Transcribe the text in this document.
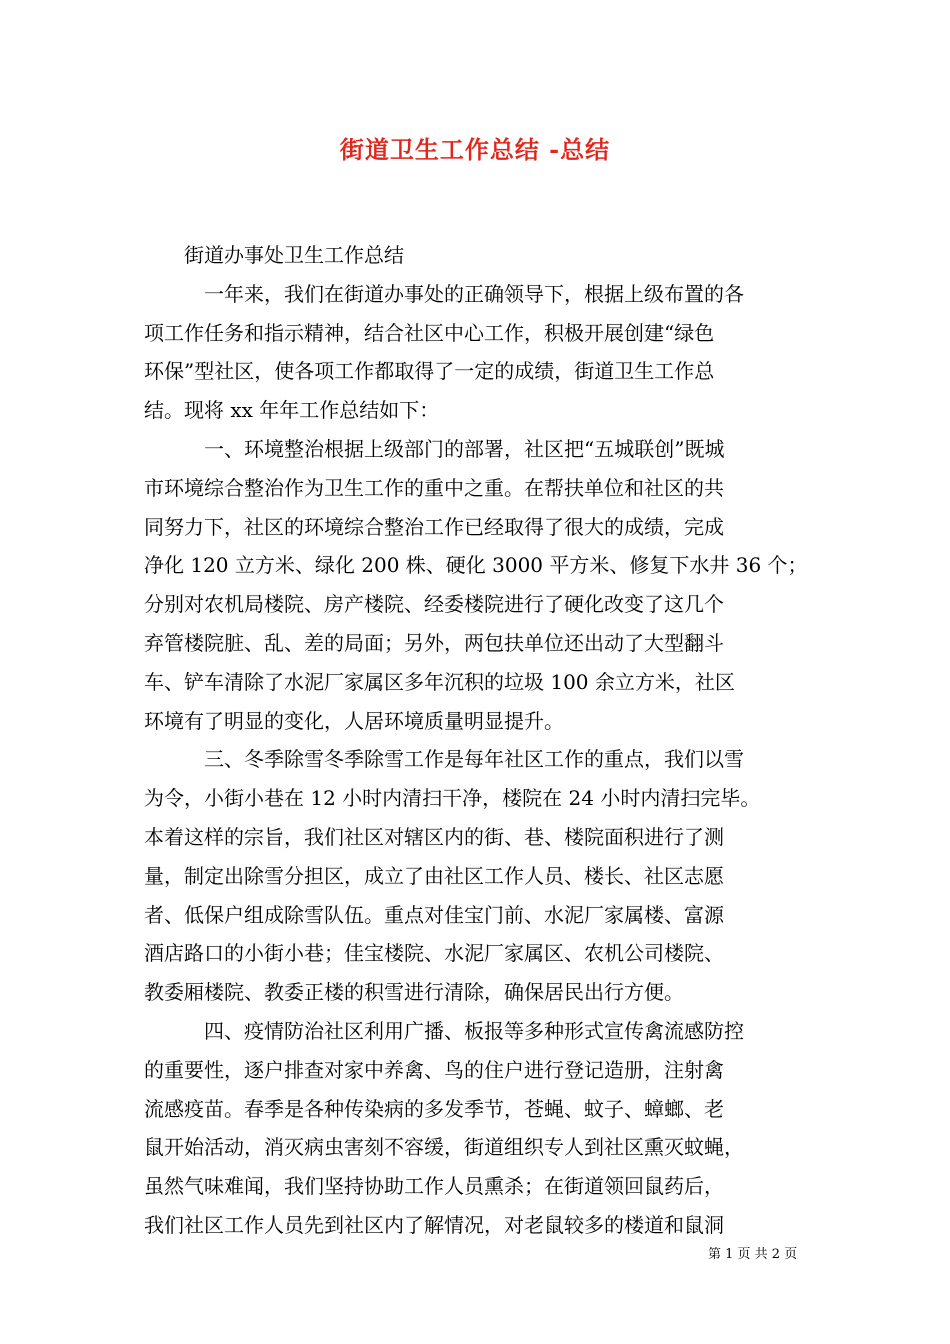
街道卫生工作总结 -总结

街道办事处卫生工作总结

　一年来，我们在街道办事处的正确领导下，根据上级布置的各
项工作任务和指示精神，结合社区中心工作，积极开展创建“绿色
环保”型社区，使各项工作都取得了一定的成绩，街道卫生工作总
结。现将 xx 年年工作总结如下：

一、环境整治根据上级部门的部署，社区把“五城联创”既城
市环境综合整治作为卫生工作的重中之重。在帮扶单位和社区的共
同努力下，社区的环境综合整治工作已经取得了很大的成绩，完成
净化 120 立方米、绿化 200 株、硬化 3000 平方米、修复下水井 36 个；
分别对农机局楼院、房产楼院、经委楼院进行了硬化改变了这几个
弃管楼院脏、乱、差的局面；另外，两包扶单位还出动了大型翻斗
车、铲车清除了水泥厂家属区多年沉积的垃圾 100 余立方米，社区
环境有了明显的变化，人居环境质量明显提升。

三、冬季除雪冬季除雪工作是每年社区工作的重点，我们以雪
为令，小街小巷在 12 小时内清扫干净，楼院在 24 小时内清扫完毕。
本着这样的宗旨，我们社区对辖区内的街、巷、楼院面积进行了测
量，制定出除雪分担区，成立了由社区工作人员、楼长、社区志愿
者、低保户组成除雪队伍。重点对佳宝门前、水泥厂家属楼、富源
酒店路口的小街小巷；佳宝楼院、水泥厂家属区、农机公司楼院、
教委厢楼院、教委正楼的积雪进行清除，确保居民出行方便。

四、疫情防治社区利用广播、板报等多种形式宣传禽流感防控
的重要性，逐户排查对家中养禽、鸟的住户进行登记造册，注射禽
流感疫苗。春季是各种传染病的多发季节，苍蝇、蚊子、蟑螂、老
鼠开始活动，消灭病虫害刻不容缓，街道组织专人到社区熏灭蚊蝇，
虽然气味难闻，我们坚持协助工作人员熏杀；在街道领回鼠药后，
我们社区工作人员先到社区内了解情况，对老鼠较多的楼道和鼠洞

第 1 页 共 2 页
